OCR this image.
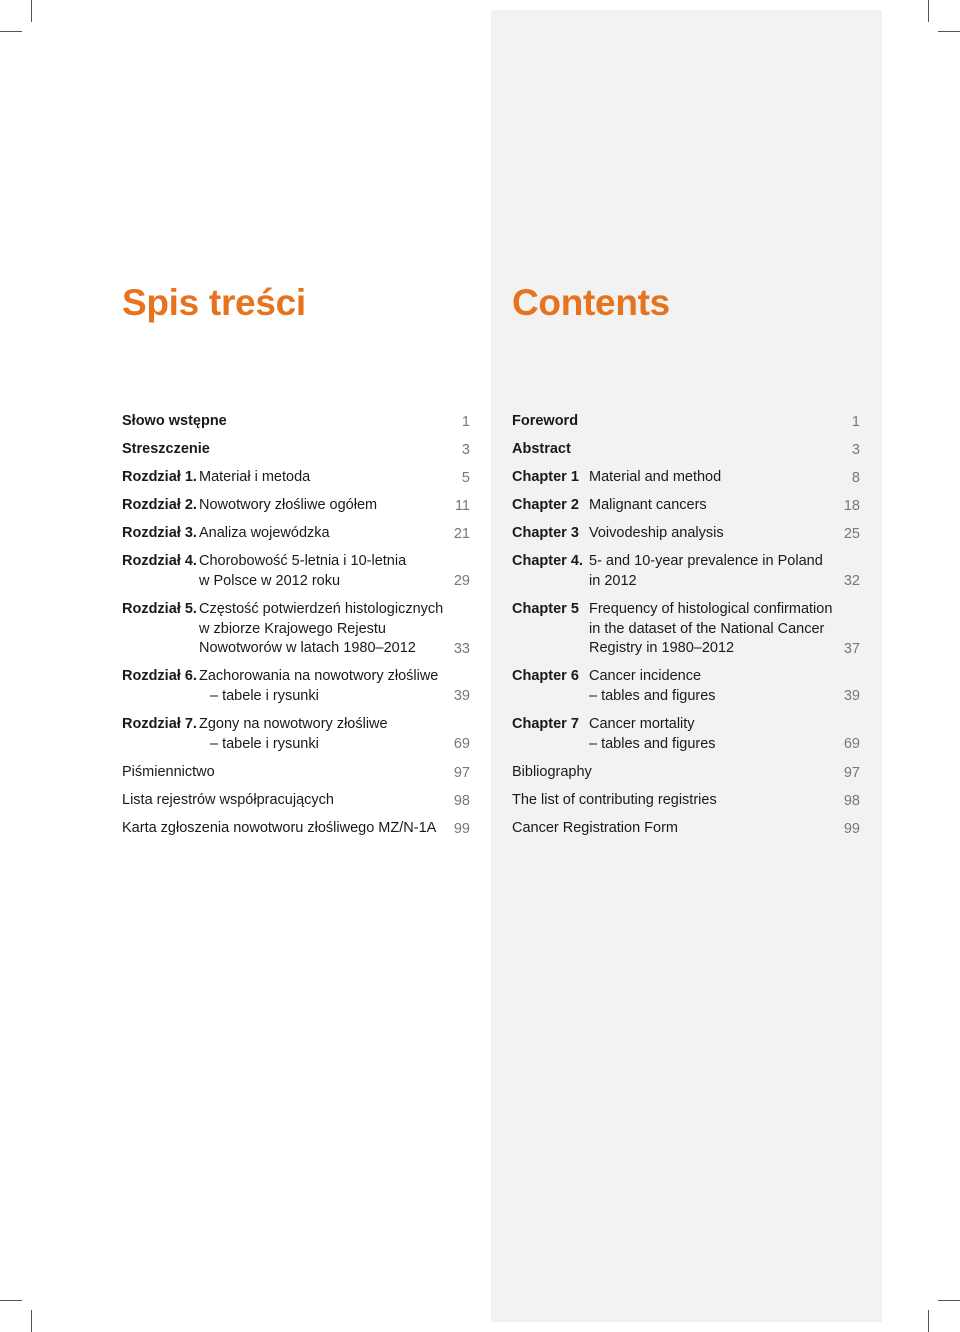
Spis treści
Słowo wstępne	1
Streszczenie	3
Rozdział 1. Materiał i metoda	5
Rozdział 2. Nowotwory złośliwe ogółem	11
Rozdział 3. Analiza wojewódzka	21
Rozdział 4. Chorobowość 5-letnia i 10-letnia
w Polsce w 2012 roku	29
Rozdział 5. Częstość potwierdzeń histologicznych
w zbiorze Krajowego Rejestu
Nowotworów w latach 1980–2012	33
Rozdział 6. Zachorowania na nowotwory złośliwe
– tabele i rysunki	39
Rozdział 7. Zgony na nowotwory złośliwe
– tabele i rysunki	69
Piśmiennictwo	97
Lista rejestrów współpracujących	98
Karta zgłoszenia nowotworu złośliwego MZ/N-1A 99
Contents
Foreword	1
Abstract	3
Chapter 1 Material and method	8
Chapter 2 Malignant cancers	18
Chapter 3 Voivodeship analysis	25
Chapter 4. 5- and 10-year prevalence in Poland
in 2012	32
Chapter 5 Frequency of histological confirmation
in the dataset of the National Cancer
Registry in 1980–2012	37
Chapter 6 Cancer incidence
– tables and figures	39
Chapter 7 Cancer mortality
– tables and figures	69
Bibliography	97
The list of contributing registries	98
Cancer Registration Form	99
